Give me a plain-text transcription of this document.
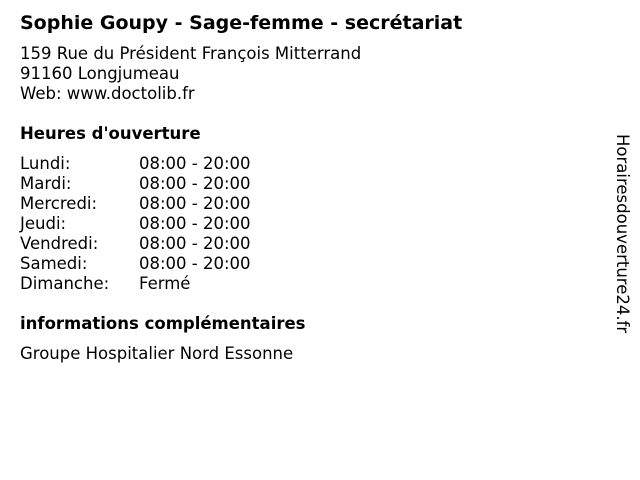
Sophie Goupy - Sage-femme - secrétariat
159 Rue du Président François Mitterrand
91160 Longjumeau
Web: www.doctolib.fr
Heures d'ouverture
Lundi:	08:00 - 20:00
Mardi:	08:00 - 20:00
Mercredi:	08:00 - 20:00
Jeudi:	08:00 - 20:00
Vendredi: 08:00 - 20:00
Samedi:	08:00 - 20:00
Dimanche: Fermé
informations complémentaires
Groupe Hospitalier Nord Essonne
Horairesdouverture24.fr
